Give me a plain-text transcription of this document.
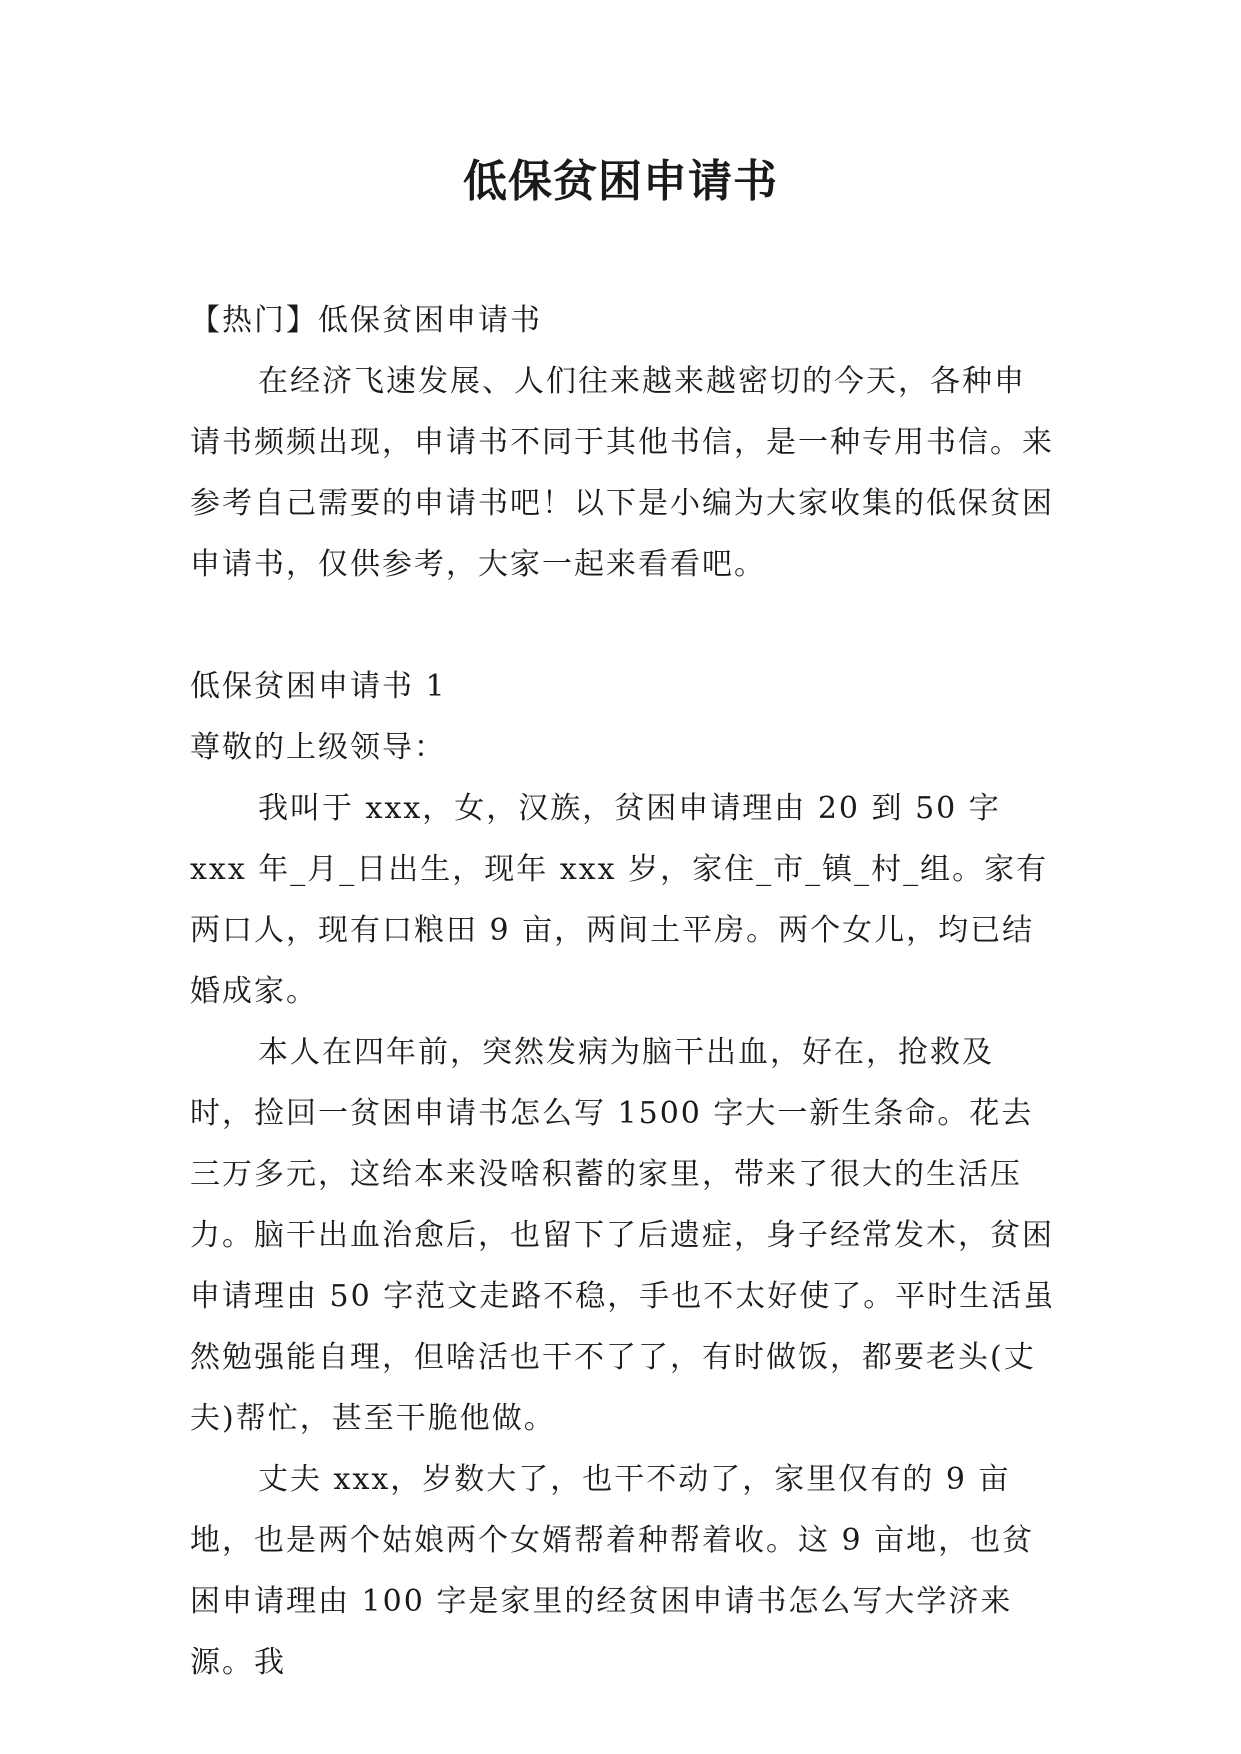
低保贫困申请书

【热门】低保贫困申请书

在经济飞速发展、人们往来越来越密切的今天，各种申请书频频出现，申请书不同于其他书信，是一种专用书信。来参考自己需要的申请书吧！以下是小编为大家收集的低保贫困申请书，仅供参考，大家一起来看看吧。

低保贫困申请书 1

尊敬的上级领导：

我叫于 xxx，女，汉族，贫困申请理由 20 到 50 字 xxx 年_月_日出生，现年 xxx 岁，家住_市_镇_村_组。家有两口人，现有口粮田 9 亩，两间土平房。两个女儿，均已结婚成家。

本人在四年前，突然发病为脑干出血，好在，抢救及时，捡回一贫困申请书怎么写 1500 字大一新生条命。花去三万多元，这给本来没啥积蓄的家里，带来了很大的生活压力。脑干出血治愈后，也留下了后遗症，身子经常发木，贫困申请理由 50 字范文走路不稳，手也不太好使了。平时生活虽然勉强能自理，但啥活也干不了了，有时做饭，都要老头(丈夫)帮忙，甚至干脆他做。

丈夫 xxx，岁数大了，也干不动了，家里仅有的 9 亩地，也是两个姑娘两个女婿帮着种帮着收。这 9 亩地，也贫困申请理由 100 字是家里的经贫困申请书怎么写大学济来源。我
